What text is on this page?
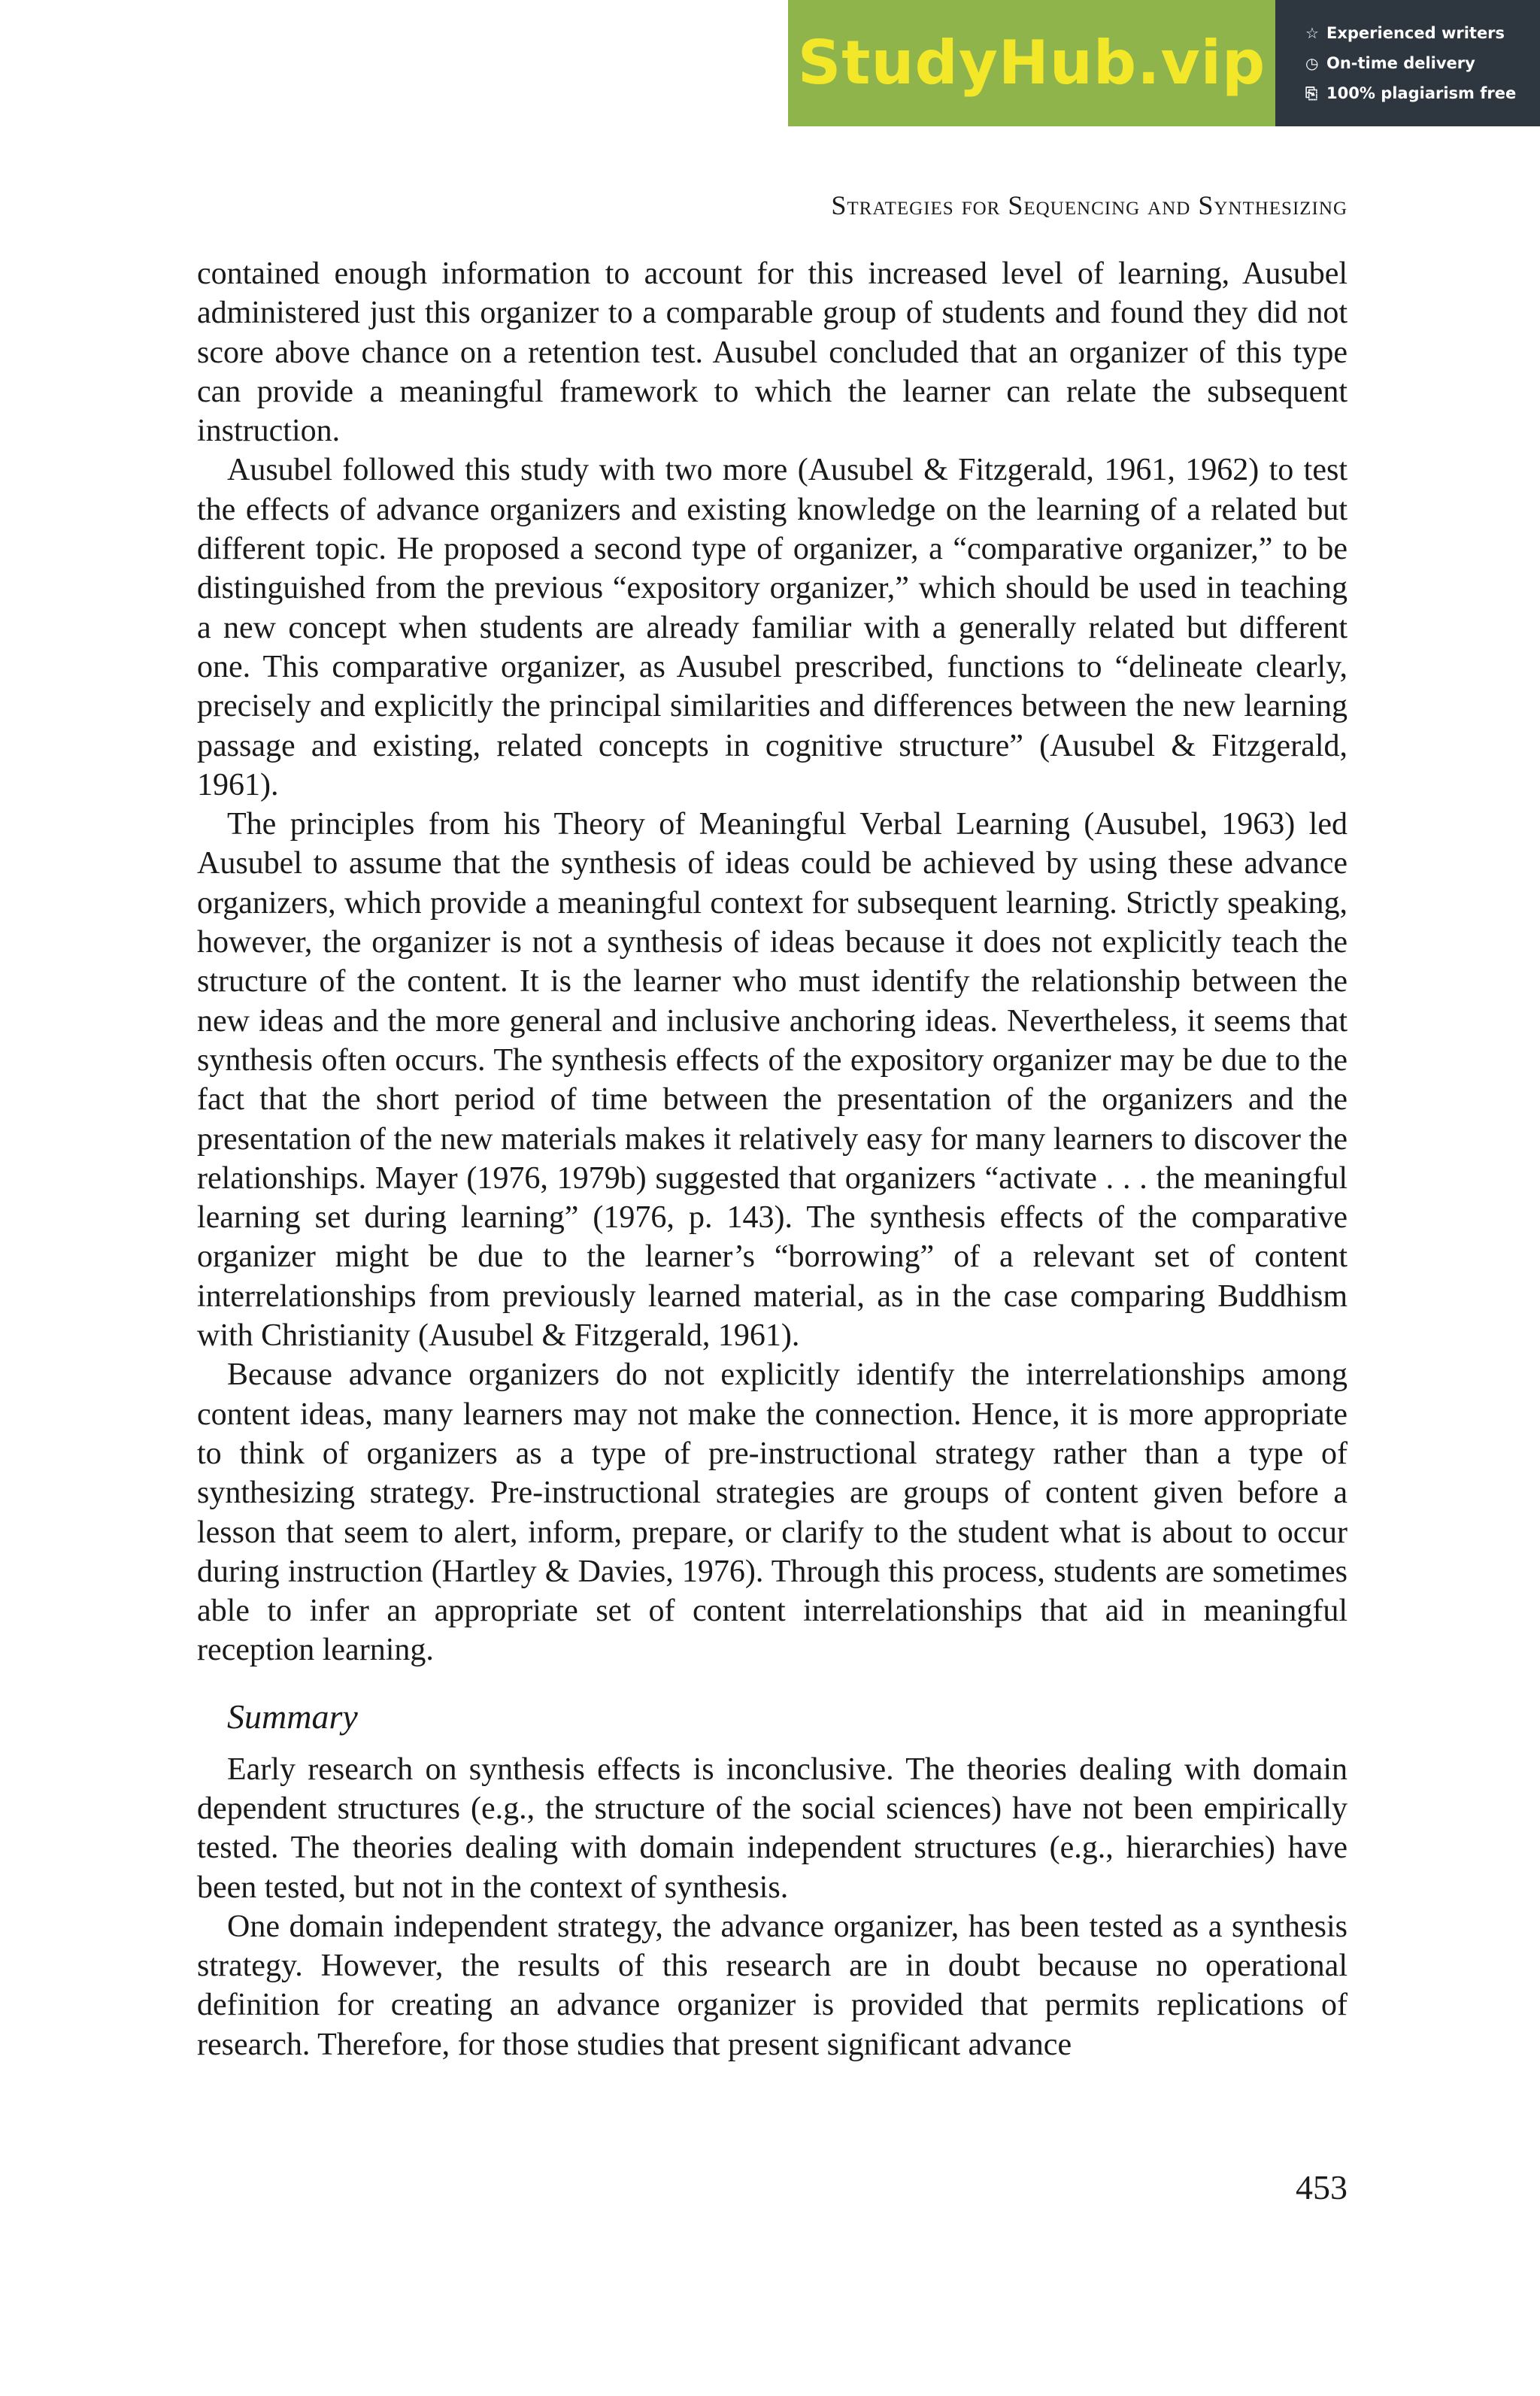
StudyHub.vip	☆ Experienced writers
◷ On-time delivery
⎘ 100% plagiarism free
Strategies for Sequencing and Synthesizing

contained enough information to account for this increased level of learning, Ausubel administered just this organizer to a comparable group of students and found they did not score above chance on a retention test. Ausubel concluded that an organizer of this type can provide a meaningful framework to which the learner can relate the subsequent instruction.

Ausubel followed this study with two more (Ausubel & Fitzgerald, 1961, 1962) to test the effects of advance organizers and existing knowledge on the learning of a related but different topic. He proposed a second type of organizer, a “comparative organizer,” to be distinguished from the previous “expository organizer,” which should be used in teaching a new concept when students are already familiar with a generally related but different one. This comparative organizer, as Ausubel prescribed, functions to “delineate clearly, precisely and explicitly the principal similarities and differences between the new learning passage and existing, related concepts in cognitive structure” (Ausubel & Fitzgerald, 1961).

The principles from his Theory of Meaningful Verbal Learning (Ausubel, 1963) led Ausubel to assume that the synthesis of ideas could be achieved by using these advance organizers, which provide a meaningful context for subsequent learning. Strictly speaking, however, the organizer is not a synthesis of ideas because it does not explicitly teach the structure of the content. It is the learner who must identify the relationship between the new ideas and the more general and inclusive anchoring ideas. Nevertheless, it seems that synthesis often occurs. The synthesis effects of the expository organizer may be due to the fact that the short period of time between the presentation of the organizers and the presentation of the new materials makes it relatively easy for many learners to discover the relationships. Mayer (1976, 1979b) suggested that organizers “activate . . . the meaningful learning set during learning” (1976, p. 143). The synthesis effects of the comparative organizer might be due to the learner’s “borrowing” of a relevant set of content interrelationships from previously learned material, as in the case comparing Buddhism with Christianity (Ausubel & Fitzgerald, 1961).

Because advance organizers do not explicitly identify the interrelationships among content ideas, many learners may not make the connection. Hence, it is more appropriate to think of organizers as a type of pre-instructional strategy rather than a type of synthesizing strategy. Pre-instructional strategies are groups of content given before a lesson that seem to alert, inform, prepare, or clarify to the student what is about to occur during instruction (Hartley & Davies, 1976). Through this process, students are sometimes able to infer an appropriate set of content interrelationships that aid in meaningful reception learning.

Summary

Early research on synthesis effects is inconclusive. The theories dealing with domain dependent structures (e.g., the structure of the social sciences) have not been empirically tested. The theories dealing with domain independent structures (e.g., hierarchies) have been tested, but not in the context of synthesis.

One domain independent strategy, the advance organizer, has been tested as a synthesis strategy. However, the results of this research are in doubt because no operational definition for creating an advance organizer is provided that permits replications of research. Therefore, for those studies that present significant advance

453
